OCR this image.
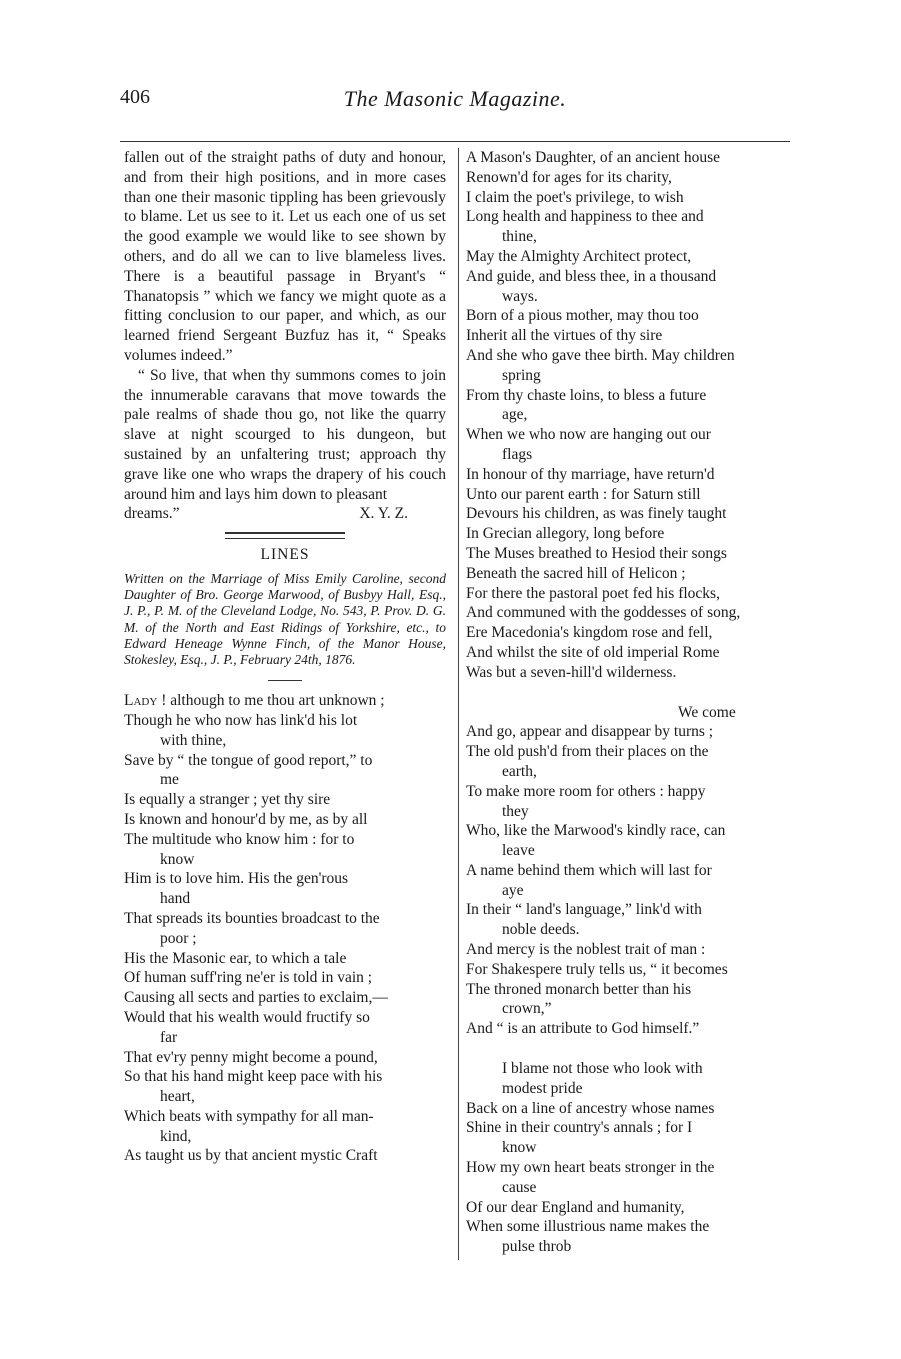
406	The Masonic Magazine.

fallen out of the straight paths of duty and honour, and from their high positions, and in more cases than one their masonic tippling has been grievously to blame. Let us see to it. Let us each one of us set the good example we would like to see shown by others, and do all we can to live blameless lives. There is a beautiful passage in Bryant's “ Thanatopsis ” which we fancy we might quote as a fitting conclusion to our paper, and which, as our learned friend Sergeant Buzfuz has it, “ Speaks volumes indeed.”

“ So live, that when thy summons comes to join the innumerable caravans that move towards the pale realms of shade thou go, not like the quarry slave at night scourged to his dungeon, but sustained by an unfaltering trust; approach thy grave like one who wraps the drapery of his couch around him and lays him down to pleasant

dreams.”	X. Y. Z.
LINES

Written on the Marriage of Miss Emily Caroline, second Daughter of Bro. George Marwood, of Busbyy Hall, Esq., J. P., P. M. of the Cleveland Lodge, No. 543, P. Prov. D. G. M. of the North and East Ridings of Yorkshire, etc., to Edward Heneage Wynne Finch, of the Manor House, Stokesley, Esq., J. P., February 24th, 1876.

Lady ! although to me thou art unknown ;

Though he who now has link'd his lot

with thine,

Save by “ the tongue of good report,” to

me

Is equally a stranger ; yet thy sire

Is known and honour'd by me, as by all

The multitude who know him : for to

know

Him is to love him. His the gen'rous

hand

That spreads its bounties broadcast to the

poor ;

His the Masonic ear, to which a tale

Of human suff'ring ne'er is told in vain ;

Causing all sects and parties to exclaim,—

Would that his wealth would fructify so

far

That ev'ry penny might become a pound,

So that his hand might keep pace with his

heart,

Which beats with sympathy for all man-

kind,

As taught us by that ancient mystic Craft

A Mason's Daughter, of an ancient house

Renown'd for ages for its charity,

I claim the poet's privilege, to wish

Long health and happiness to thee and

thine,

May the Almighty Architect protect,

And guide, and bless thee, in a thousand

ways.

Born of a pious mother, may thou too

Inherit all the virtues of thy sire

And she who gave thee birth. May children

spring

From thy chaste loins, to bless a future

age,

When we who now are hanging out our

flags

In honour of thy marriage, have return'd

Unto our parent earth : for Saturn still

Devours his children, as was finely taught

In Grecian allegory, long before

The Muses breathed to Hesiod their songs

Beneath the sacred hill of Helicon ;

For there the pastoral poet fed his flocks,

And communed with the goddesses of song,

Ere Macedonia's kingdom rose and fell,

And whilst the site of old imperial Rome

Was but a seven-hill'd wilderness.

We come

And go, appear and disappear by turns ;

The old push'd from their places on the

earth,

To make more room for others : happy

they

Who, like the Marwood's kindly race, can

leave

A name behind them which will last for

aye

In their “ land's language,” link'd with

noble deeds.

And mercy is the noblest trait of man :

For Shakespere truly tells us, “ it becomes

The throned monarch better than his

crown,”

And “ is an attribute to God himself.”

I blame not those who look with

modest pride

Back on a line of ancestry whose names

Shine in their country's annals ; for I

know

How my own heart beats stronger in the

cause

Of our dear England and humanity,

When some illustrious name makes the

pulse throb
